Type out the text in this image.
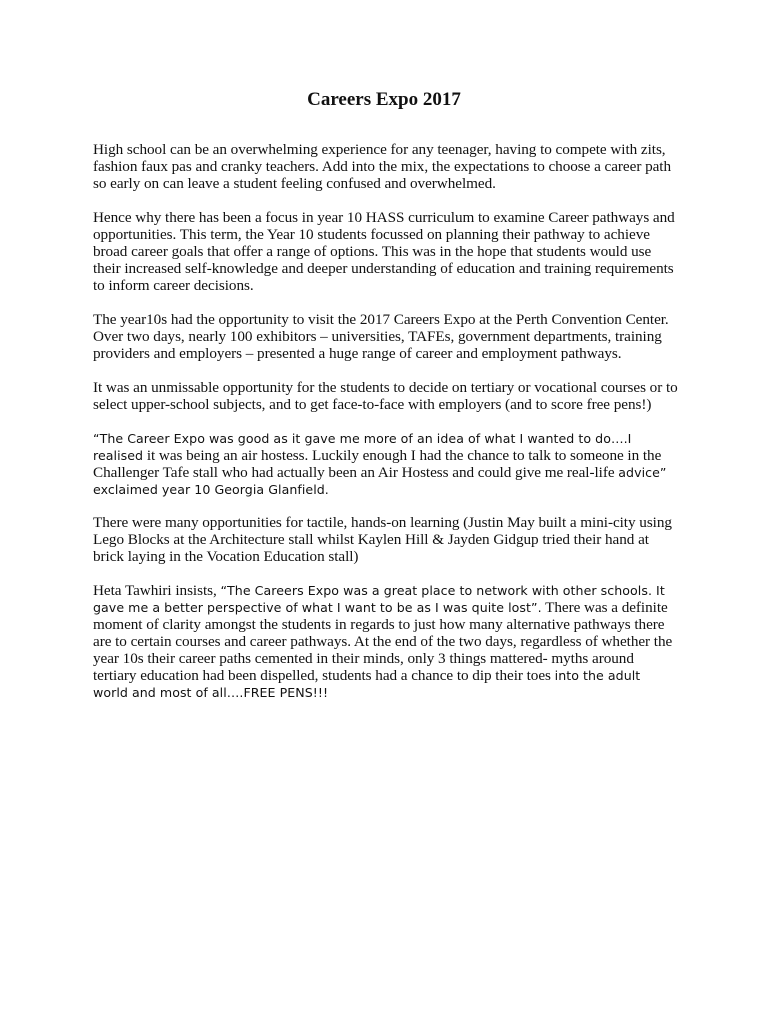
Careers Expo 2017

High school can be an overwhelming experience for any teenager, having to compete with zits, fashion faux pas and cranky teachers. Add into the mix, the expectations to choose a career path so early on can leave a student feeling confused and overwhelmed.

Hence why there has been a focus in year 10 HASS curriculum to examine Career pathways and opportunities. This term, the Year 10 students focussed on planning their pathway to achieve broad career goals that offer a range of options. This was in the hope that students would use their increased self-knowledge and deeper understanding of education and training requirements to inform career decisions.

The year10s had the opportunity to visit the 2017 Careers Expo at the Perth Convention Center. Over two days, nearly 100 exhibitors – universities, TAFEs, government departments, training providers and employers – presented a huge range of career and employment pathways.

It was an unmissable opportunity for the students to decide on tertiary or vocational courses or to select upper-school subjects, and to get face-to-face with employers (and to score free pens!)

“The Career Expo was good as it gave me more of an idea of what I wanted to do….I realised it was being an air hostess. Luckily enough I had the chance to talk to someone in the Challenger Tafe stall who had actually been an Air Hostess and could give me real-life advice” exclaimed year 10 Georgia Glanfield.

There were many opportunities for tactile, hands-on learning (Justin May built a mini-city using Lego Blocks at the Architecture stall whilst Kaylen Hill & Jayden Gidgup tried their hand at brick laying in the Vocation Education stall)

Heta Tawhiri insists, “The Careers Expo was a great place to network with other schools. It gave me a better perspective of what I want to be as I was quite lost”. There was a definite moment of clarity amongst the students in regards to just how many alternative pathways there are to certain courses and career pathways. At the end of the two days, regardless of whether the year 10s their career paths cemented in their minds, only 3 things mattered- myths around tertiary education had been dispelled, students had a chance to dip their toes into the adult world and most of all….FREE PENS!!!
